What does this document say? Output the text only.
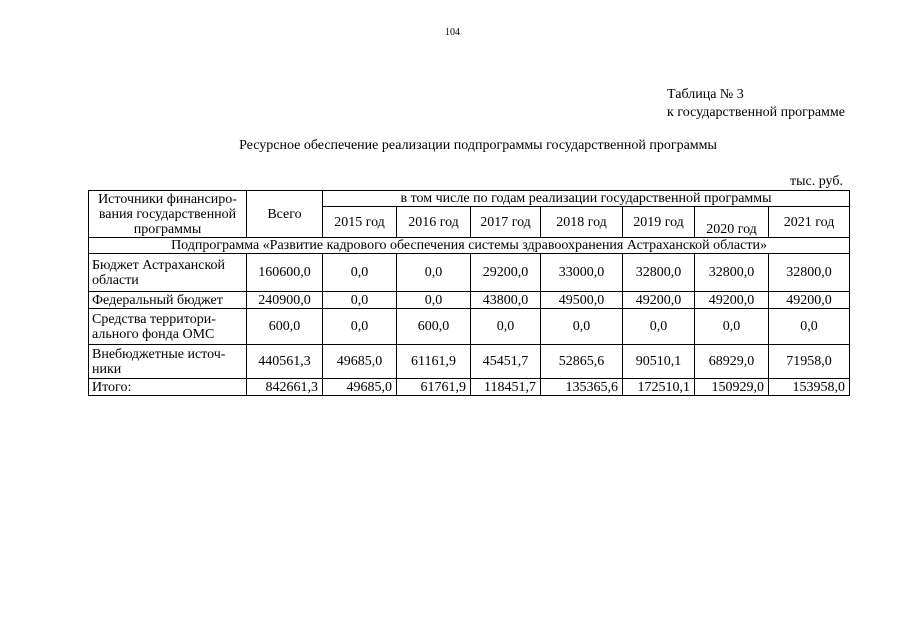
104
Таблица № 3
к государственной программе
Ресурсное обеспечение реализации подпрограммы государственной программы
тыс. руб.
Источники финансиро-вания государственной программы	Всего	в том числе по годам реализации государственной программы						
		2015 год	2016 год	2017 год	2018 год	2019 год	2020 год	2021 год
Подпрограмма «Развитие кадрового обеспечения системы здравоохранения Астраханской области»								
Бюджет Астраханской области	160600,0	0,0	0,0	29200,0	33000,0	32800,0	32800,0	32800,0
Федеральный бюджет	240900,0	0,0	0,0	43800,0	49500,0	49200,0	49200,0	49200,0
Средства территори-ального фонда ОМС	600,0	0,0	600,0	0,0	0,0	0,0	0,0	0,0
Внебюджетные источ-ники	440561,3	49685,0	61161,9	45451,7	52865,6	90510,1	68929,0	71958,0
Итого:	842661,3	49685,0	61761,9	118451,7	135365,6	172510,1	150929,0	153958,0
